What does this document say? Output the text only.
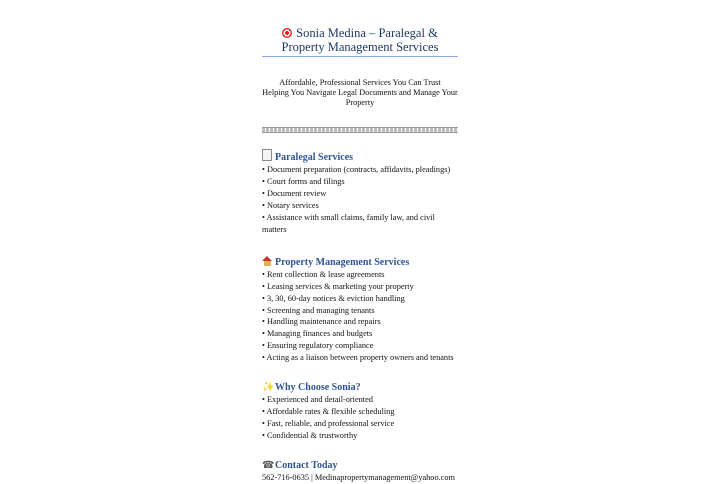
Sonia Medina – Paralegal & Property Management Services
Affordable, Professional Services You Can Trust
Helping You Navigate Legal Documents and Manage Your Property
Paralegal Services
• Document preparation (contracts, affidavits, pleadings)
• Court forms and filings
• Document review
• Notary services
• Assistance with small claims, family law, and civil matters
Property Management Services
• Rent collection & lease agreements
• Leasing services & marketing your property
• 3, 30, 60-day notices & eviction handling
• Screening and managing tenants
• Handling maintenance and repairs
• Managing finances and budgets
• Ensuring regulatory compliance
• Acting as a liaison between property owners and tenants
✨Why Choose Sonia?
• Experienced and detail-oriented
• Affordable rates & flexible scheduling
• Fast, reliable, and professional service
• Confidential & trustworthy
☎Contact Today
562-716-0635 | Medinapropertymanagement@yahoo.com
